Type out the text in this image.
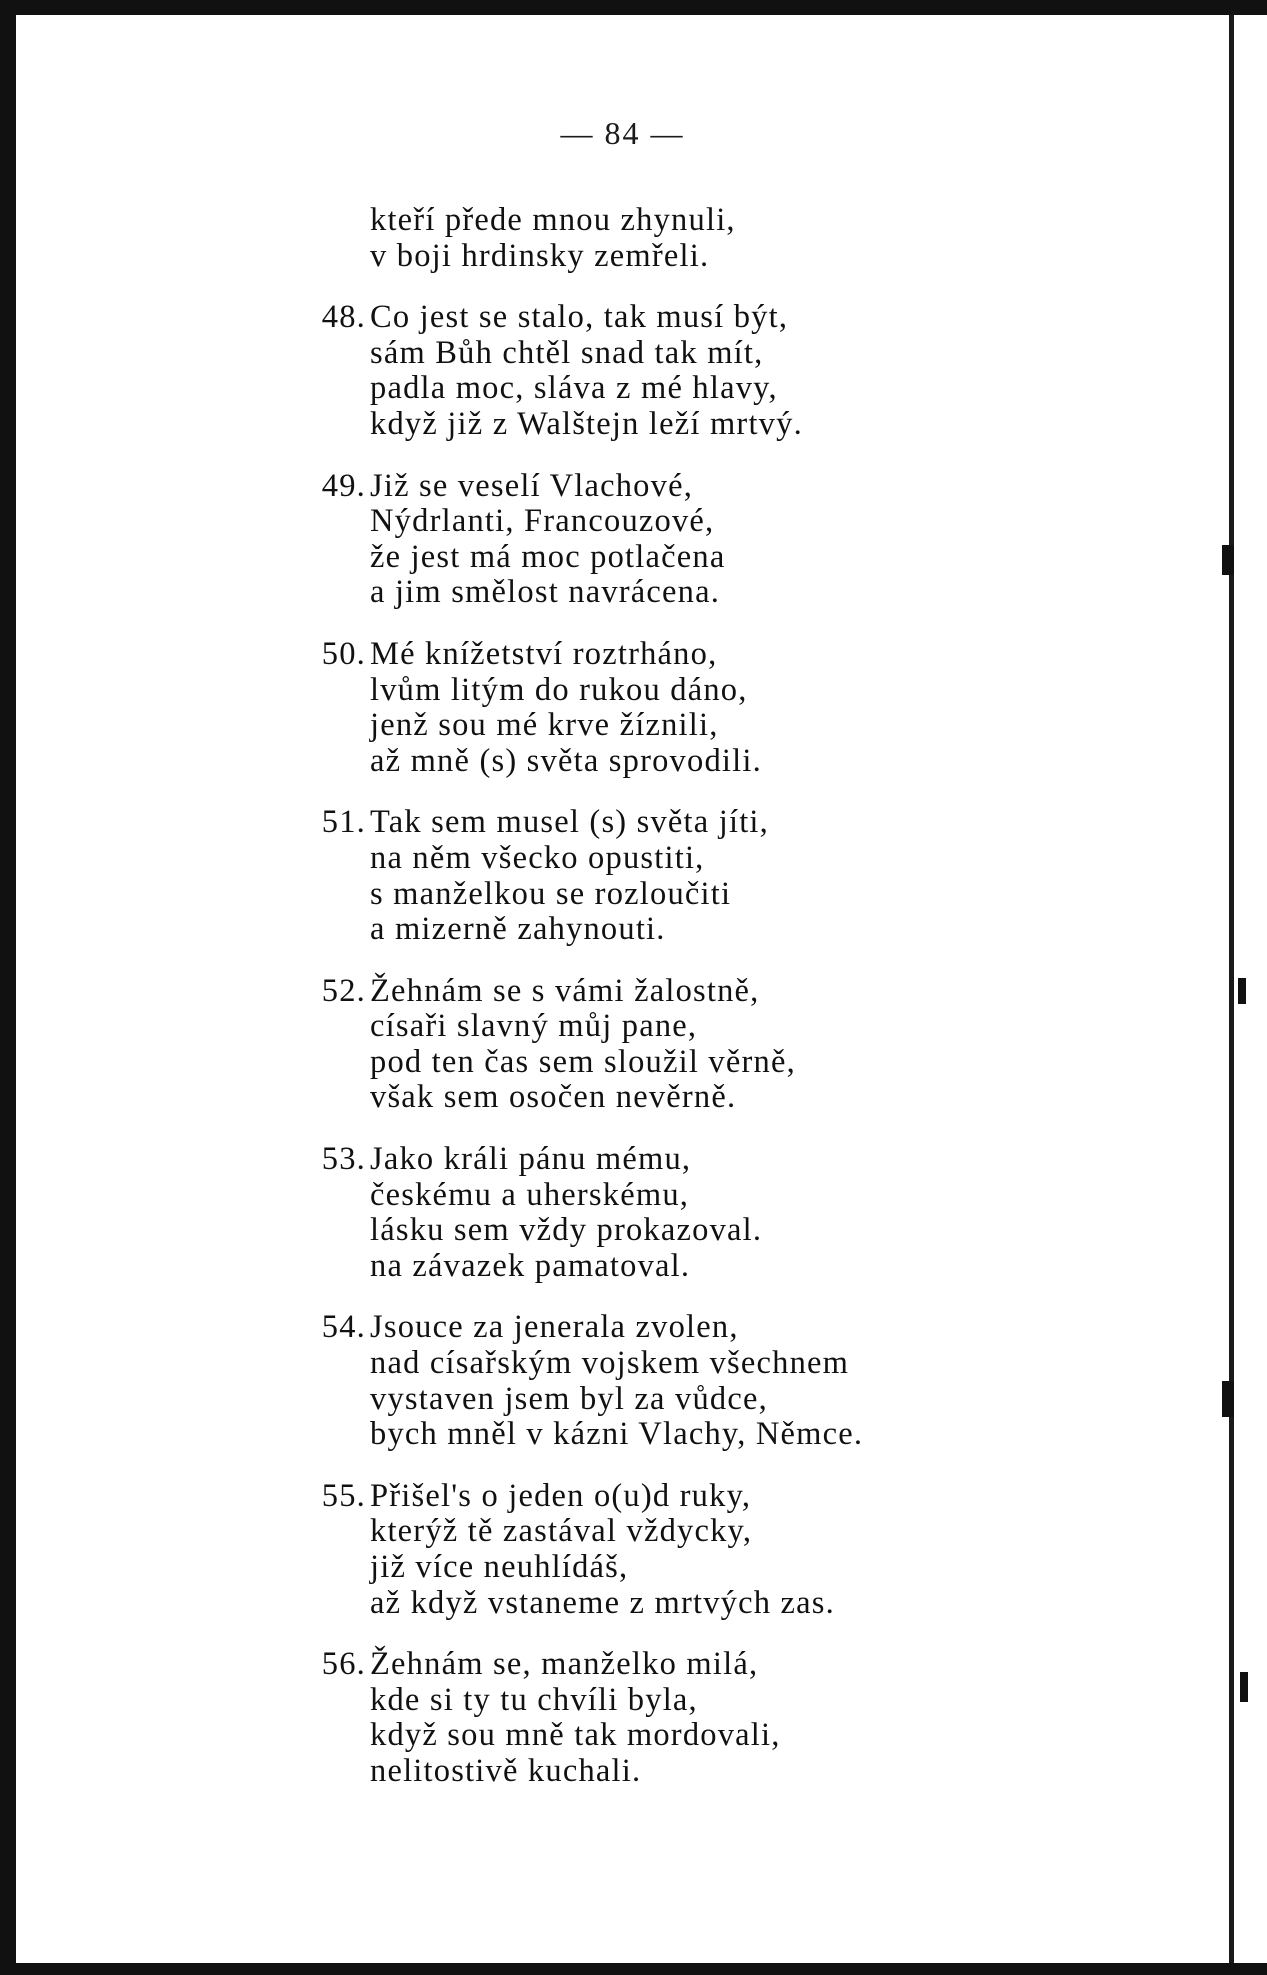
— 84 —
kteří přede mnou zhynuli,
v boji hrdinsky zemřeli.
48. Co jest se stalo, tak musí být,
sám Bůh chtěl snad tak mít,
padla moc, sláva z mé hlavy,
když již z Walštejn leží mrtvý.
49. Již se veselí Vlachové,
Nýdrlanti, Francouzové,
že jest má moc potlačena
a jim smělost navrácena.
50. Mé knížetství roztrháno,
lvům litým do rukou dáno,
jenž sou mé krve žíznili,
až mně (s) světa sprovodili.
51. Tak sem musel (s) světa jíti,
na něm všecko opustiti,
s manželkou se rozloučiti
a mizerně zahynouti.
52. Žehnám se s vámi žalostně,
císaři slavný můj pane,
pod ten čas sem sloužil věrně,
však sem osočen nevěrně.
53. Jako králi pánu mému,
českému a uherskému,
lásku sem vždy prokazoval.
na závazek pamatoval.
54. Jsouce za jenerala zvolen,
nad císařským vojskem všechnem
vystaven jsem byl za vůdce,
bych mněl v kázni Vlachy, Němce.
55. Přišel's o jeden o(u)d ruky,
kterýž tě zastával vždycky,
již více neuhlídáš,
až když vstaneme z mrtvých zas.
56. Žehnám se, manželko milá,
kde si ty tu chvíli byla,
když sou mně tak mordovali,
nelitostivě kuchali.
